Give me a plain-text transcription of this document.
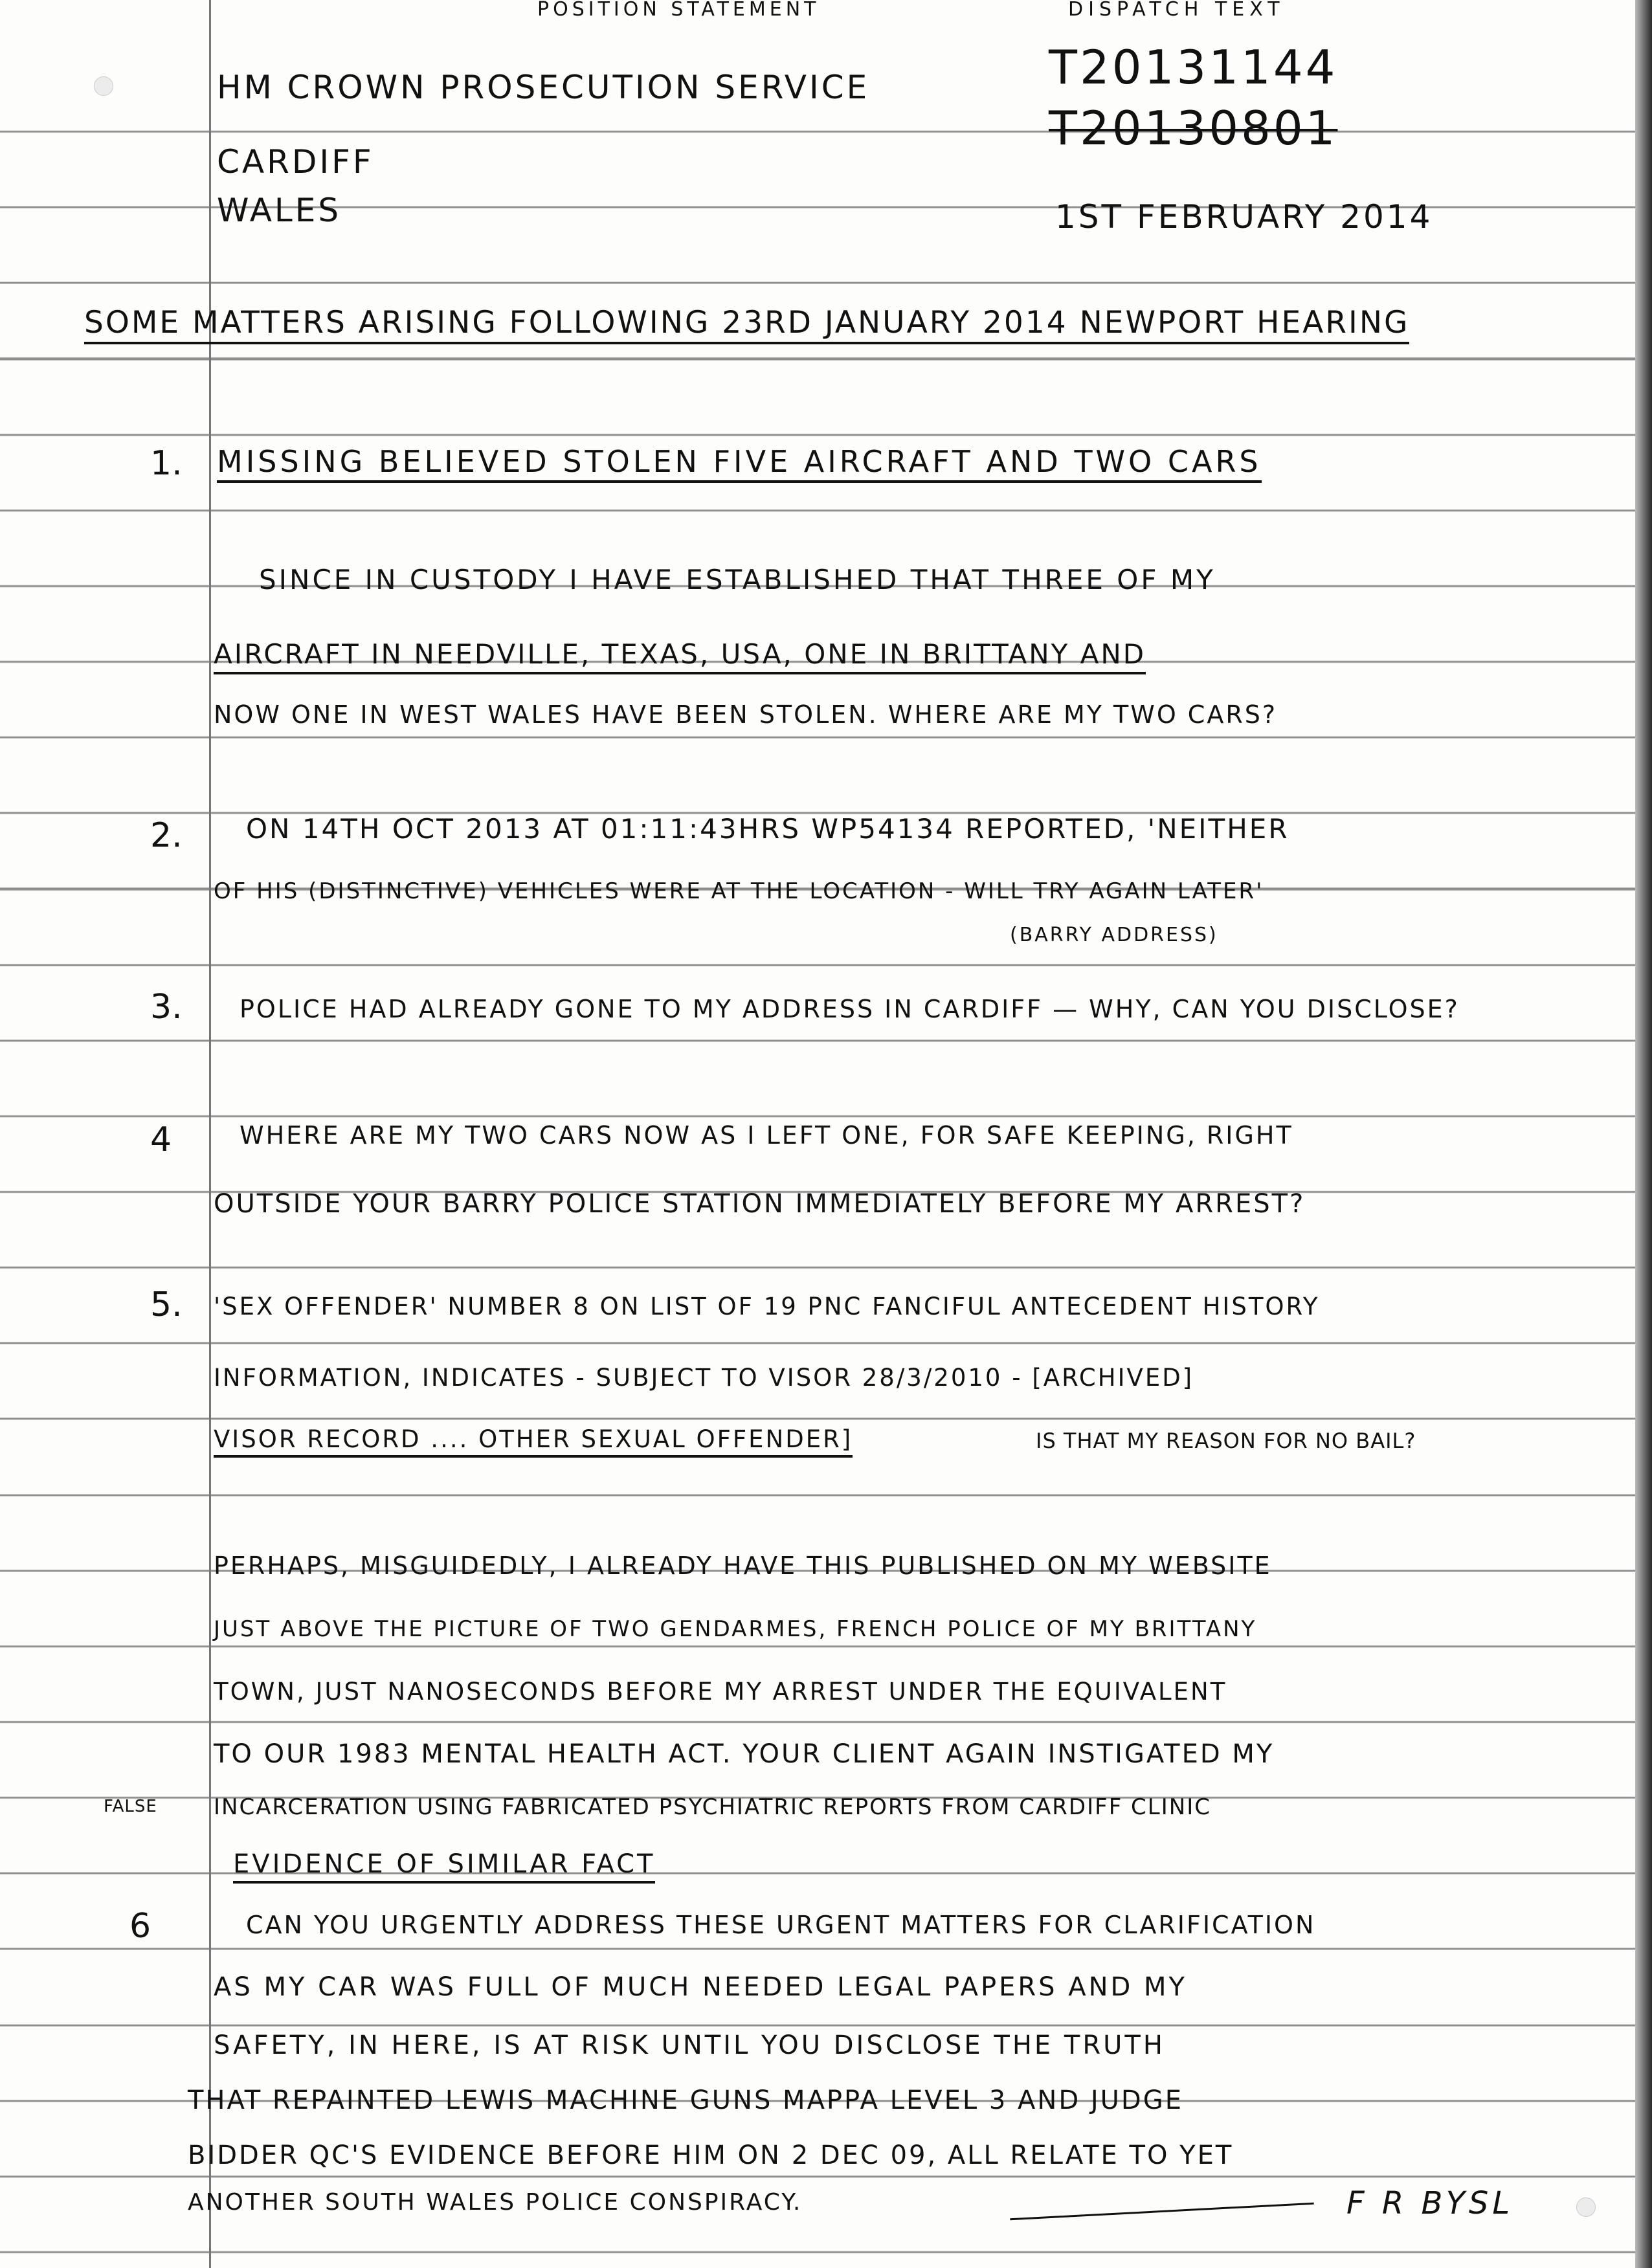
POSITION STATEMENT	DISPATCH TEXT
T20131144
T20130801
HM CROWN PROSECUTION SERVICE
CARDIFF
WALES	1ST FEBRUARY 2014
SOME MATTERS ARISING FOLLOWING 23RD JANUARY 2014 NEWPORT HEARING
1. MISSING BELIEVED STOLEN FIVE AIRCRAFT AND TWO CARS
SINCE IN CUSTODY I HAVE ESTABLISHED THAT THREE OF MY
AIRCRAFT IN NEEDVILLE, TEXAS, USA, ONE IN BRITTANY AND
NOW ONE IN WEST WALES HAVE BEEN STOLEN. WHERE ARE MY TWO CARS?
2. ON 14TH OCT 2013 AT 01:11:43HRS WP54134 REPORTED, 'NEITHER
OF HIS (DISTINCTIVE) VEHICLES WERE AT THE LOCATION - WILL TRY AGAIN LATER'
(BARRY ADDRESS)
3. POLICE HAD ALREADY GONE TO MY ADDRESS IN CARDIFF — WHY, CAN YOU DISCLOSE?
4	WHERE ARE MY TWO CARS NOW AS I LEFT ONE, FOR SAFE KEEPING, RIGHT
OUTSIDE YOUR BARRY POLICE STATION IMMEDIATELY BEFORE MY ARREST?
5. 'SEX OFFENDER' NUMBER 8 ON LIST OF 19 PNC FANCIFUL ANTECEDENT HISTORY
INFORMATION, INDICATES - SUBJECT TO VISOR 28/3/2010 - [ARCHIVED]
VISOR RECORD .... OTHER SEXUAL OFFENDER]	IS THAT MY REASON FOR NO BAIL?
PERHAPS, MISGUIDEDLY, I ALREADY HAVE THIS PUBLISHED ON MY WEBSITE
JUST ABOVE THE PICTURE OF TWO GENDARMES, FRENCH POLICE OF MY BRITTANY
TOWN, JUST NANOSECONDS BEFORE MY ARREST UNDER THE EQUIVALENT
TO OUR 1983 MENTAL HEALTH ACT. YOUR CLIENT AGAIN INSTIGATED MY
FALSE	INCARCERATION USING FABRICATED PSYCHIATRIC REPORTS FROM CARDIFF CLINIC
EVIDENCE OF SIMILAR FACT
6	CAN YOU URGENTLY ADDRESS THESE URGENT MATTERS FOR CLARIFICATION
AS MY CAR WAS FULL OF MUCH NEEDED LEGAL PAPERS AND MY
SAFETY, IN HERE, IS AT RISK UNTIL YOU DISCLOSE THE TRUTH
THAT REPAINTED LEWIS MACHINE GUNS MAPPA LEVEL 3 AND JUDGE
BIDDER QC'S EVIDENCE BEFORE HIM ON 2 DEC 09, ALL RELATE TO YET
ANOTHER SOUTH WALES POLICE CONSPIRACY.	F R BYSL
